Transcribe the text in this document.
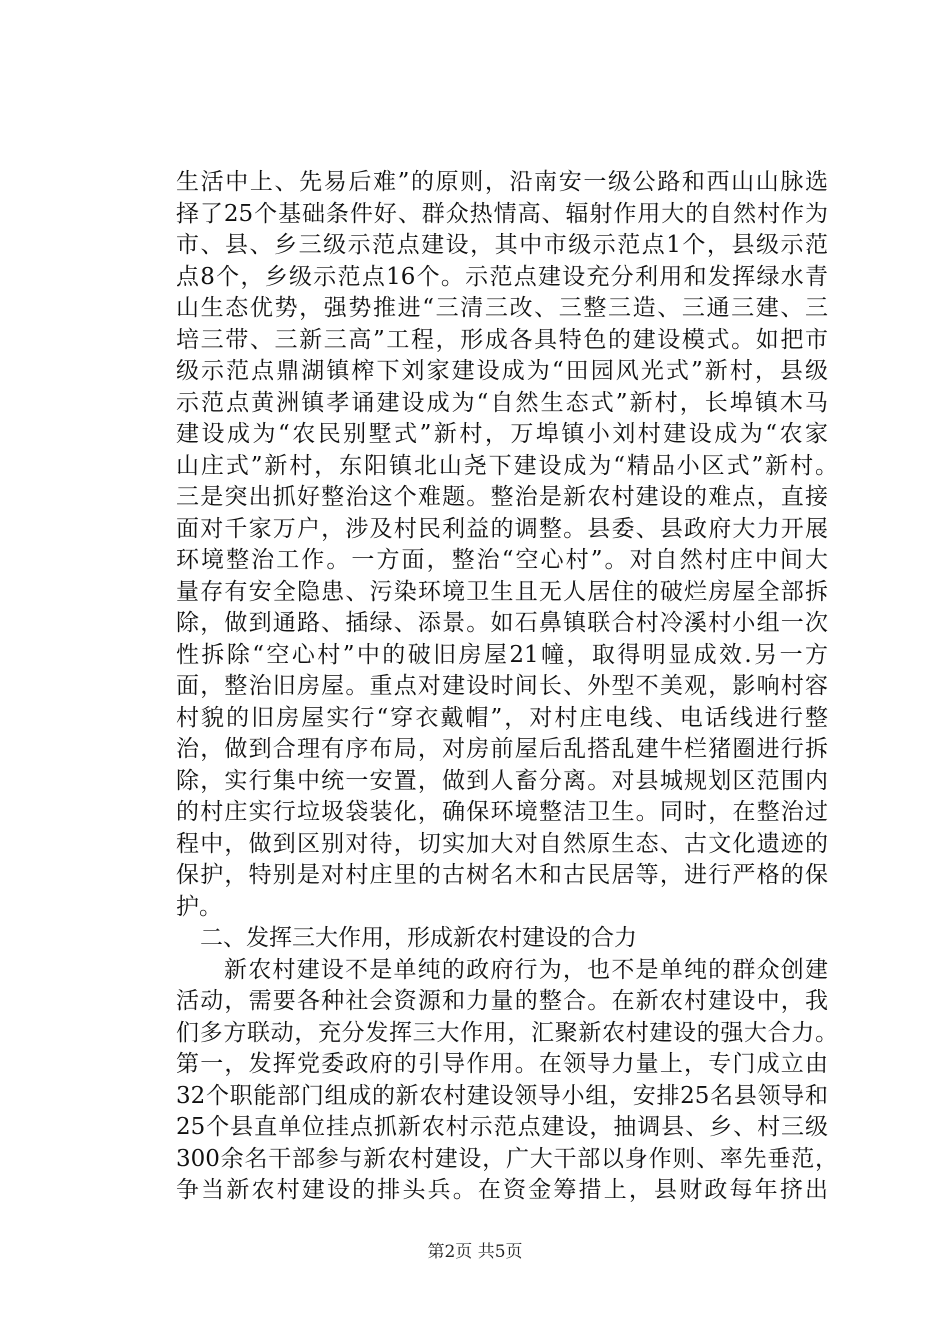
生活中上、先易后难”的原则，沿南安一级公路和西山山脉选
择了25个基础条件好、群众热情高、辐射作用大的自然村作为
市、县、乡三级示范点建设，其中市级示范点1个，县级示范
点8个，乡级示范点16个。示范点建设充分利用和发挥绿水青
山生态优势，强势推进“三清三改、三整三造、三通三建、三
培三带、三新三高”工程，形成各具特色的建设模式。如把市
级示范点鼎湖镇榨下刘家建设成为“田园风光式”新村，县级
示范点黄洲镇孝诵建设成为“自然生态式”新村，长埠镇木马
建设成为“农民别墅式”新村，万埠镇小刘村建设成为“农家
山庄式”新村，东阳镇北山尧下建设成为“精品小区式”新村。
三是突出抓好整治这个难题。整治是新农村建设的难点，直接
面对千家万户，涉及村民利益的调整。县委、县政府大力开展
环境整治工作。一方面，整治“空心村”。对自然村庄中间大
量存有安全隐患、污染环境卫生且无人居住的破烂房屋全部拆
除，做到通路、插绿、添景。如石鼻镇联合村冷溪村小组一次
性拆除“空心村”中的破旧房屋21幢，取得明显成效.另一方
面，整治旧房屋。重点对建设时间长、外型不美观，影响村容
村貌的旧房屋实行“穿衣戴帽”，对村庄电线、电话线进行整
治，做到合理有序布局，对房前屋后乱搭乱建牛栏猪圈进行拆
除，实行集中统一安置，做到人畜分离。对县城规划区范围内
的村庄实行垃圾袋装化，确保环境整洁卫生。同时，在整治过
程中，做到区别对待，切实加大对自然原生态、古文化遗迹的
保护，特别是对村庄里的古树名木和古民居等，进行严格的保
护。
二、发挥三大作用，形成新农村建设的合力
新农村建设不是单纯的政府行为，也不是单纯的群众创建
活动，需要各种社会资源和力量的整合。在新农村建设中，我
们多方联动，充分发挥三大作用，汇聚新农村建设的强大合力。
第一，发挥党委政府的引导作用。在领导力量上，专门成立由
32个职能部门组成的新农村建设领导小组，安排25名县领导和
25个县直单位挂点抓新农村示范点建设，抽调县、乡、村三级
300余名干部参与新农村建设，广大干部以身作则、率先垂范，
争当新农村建设的排头兵。在资金筹措上，县财政每年挤出
第2页 共5页
